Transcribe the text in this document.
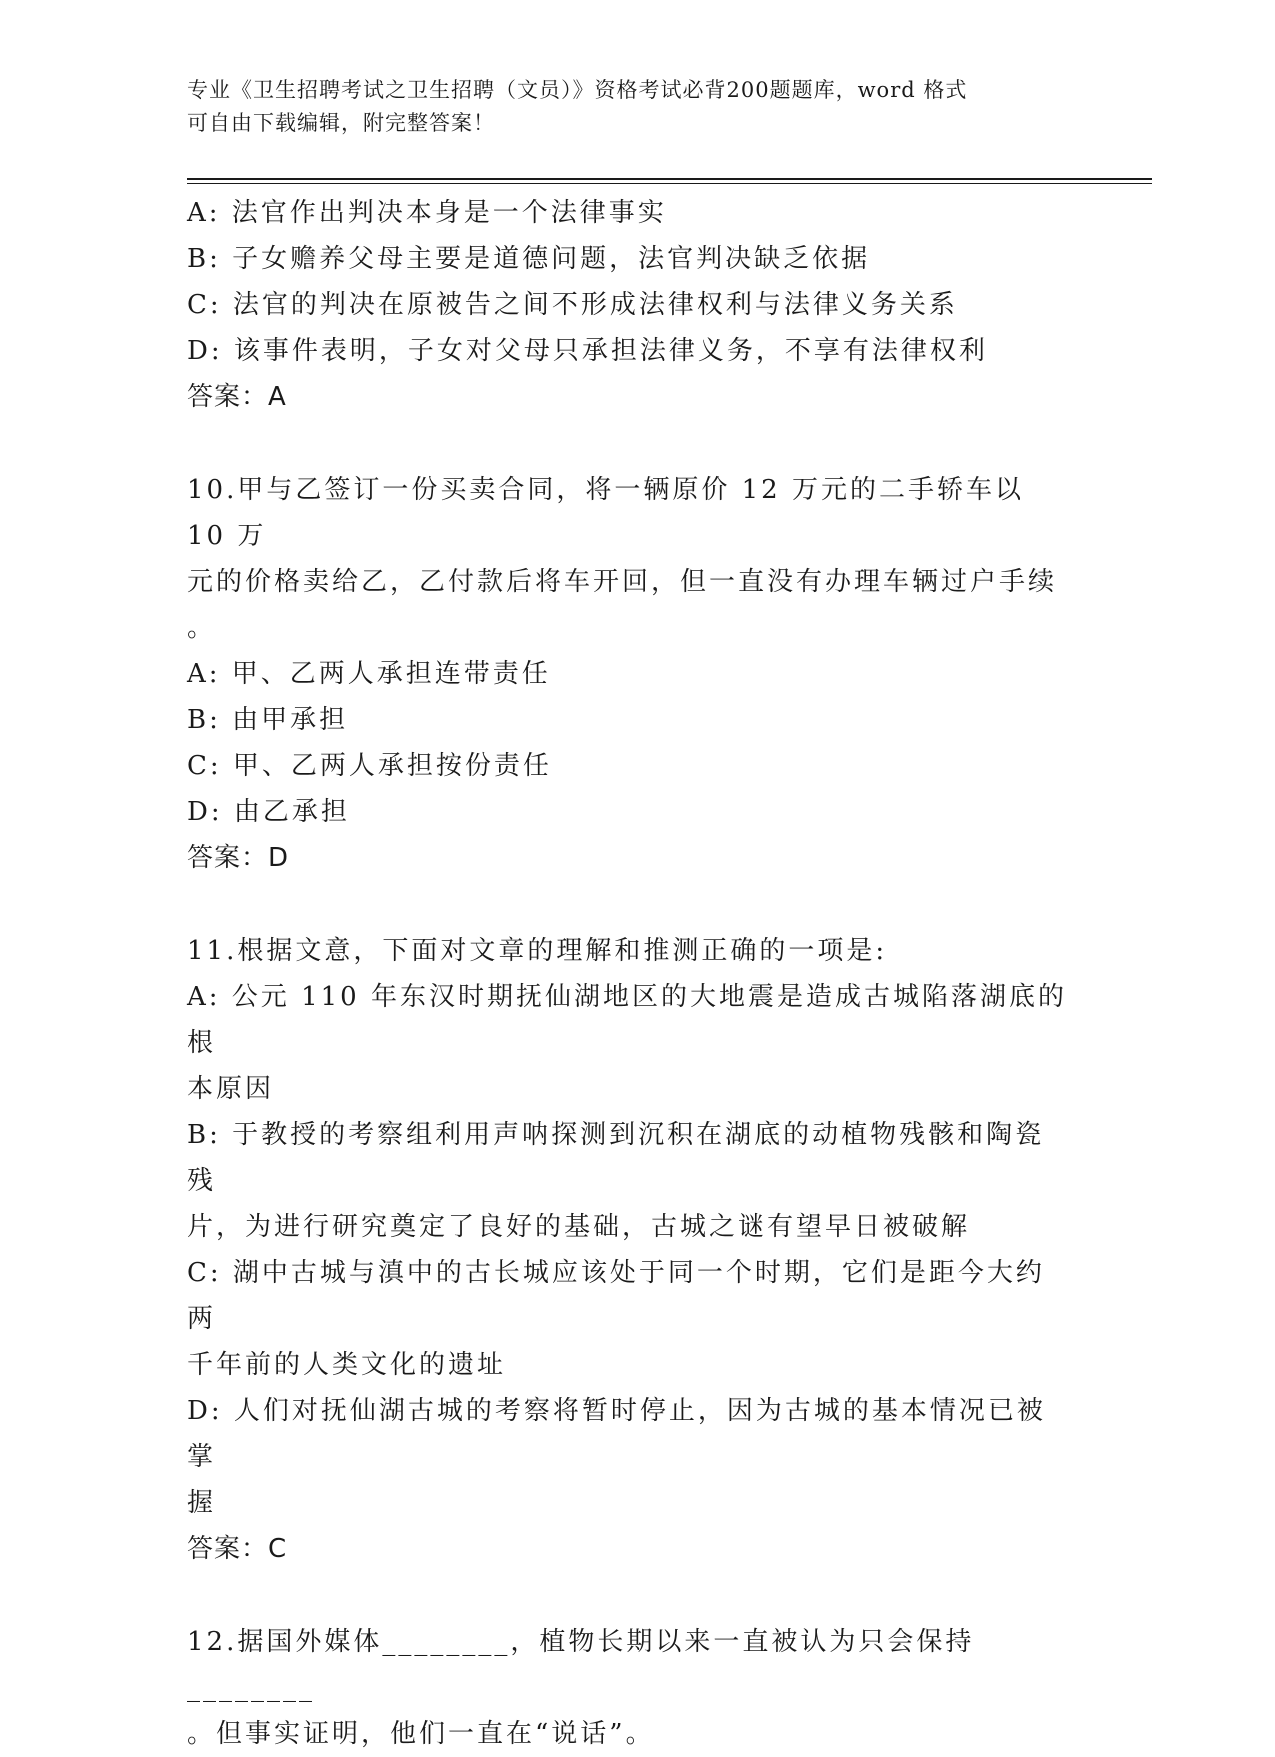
专业《卫生招聘考试之卫生招聘（文员）》资格考试必背200题题库，word 格式
可自由下载编辑，附完整答案！
A: 法官作出判决本身是一个法律事实
B: 子女赡养父母主要是道德问题，法官判决缺乏依据
C: 法官的判决在原被告之间不形成法律权利与法律义务关系
D: 该事件表明，子女对父母只承担法律义务，不享有法律权利
答案：A
10.甲与乙签订一份买卖合同，将一辆原价 12 万元的二手轿车以 10 万
元的价格卖给乙，乙付款后将车开回，但一直没有办理车辆过户手续
。
A: 甲、乙两人承担连带责任
B: 由甲承担
C: 甲、乙两人承担按份责任
D: 由乙承担
答案：D
11.根据文意，下面对文章的理解和推测正确的一项是:
A: 公元 110 年东汉时期抚仙湖地区的大地震是造成古城陷落湖底的根
本原因
B: 于教授的考察组利用声呐探测到沉积在湖底的动植物残骸和陶瓷残
片，为进行研究奠定了良好的基础，古城之谜有望早日被破解
C: 湖中古城与滇中的古长城应该处于同一个时期，它们是距今大约两
千年前的人类文化的遗址
D: 人们对抚仙湖古城的考察将暂时停止，因为古城的基本情况已被掌
握
答案：C
12.据国外媒体________，植物长期以来一直被认为只会保持________
。但事实证明，他们一直在“说话”。
